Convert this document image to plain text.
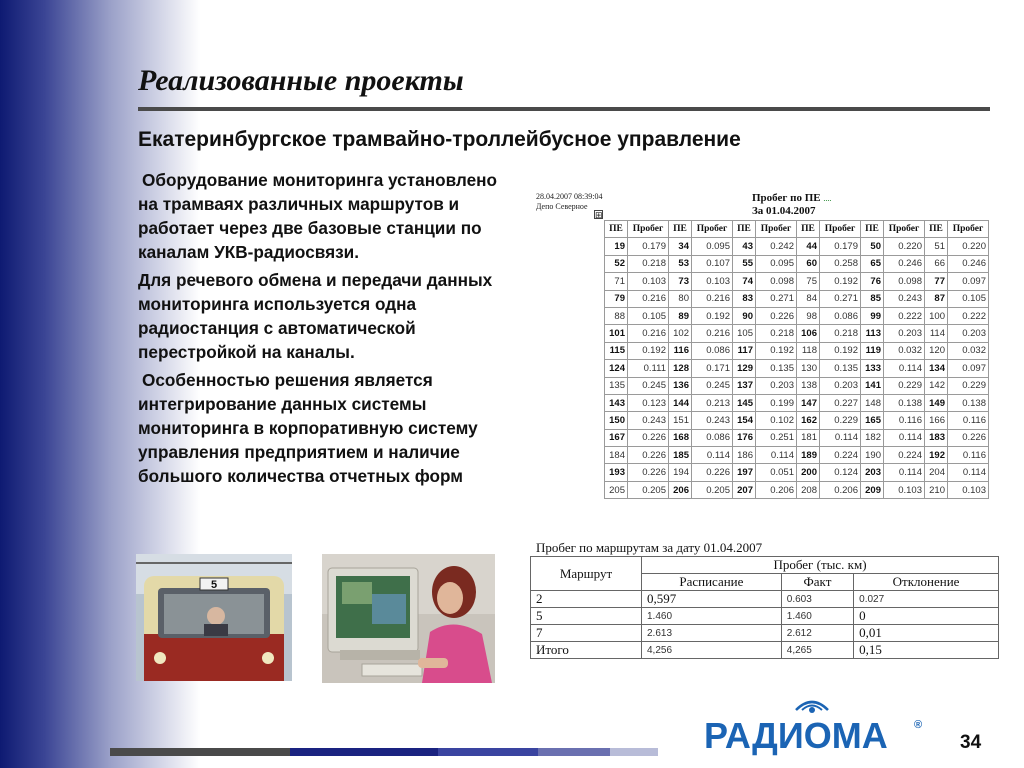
Реализованные проекты
Екатеринбургское трамвайно-троллейбусное управление

Оборудование мониторинга установлено на трамваях различных маршрутов и работает через две базовые станции по каналам УКВ-радиосвязи.

Для речевого обмена и передачи данных мониторинга используется одна радиостанция с автоматической перестройкой на каналы.

Особенностью решения является интегрирование данных системы мониторинга в корпоративную систему управления предприятием и наличие большого количества отчетных форм

28.04.2007 08:39:04
Депо Северное
⊞
Пробег по ПЕ ....
За 01.04.2007
ПЕ	Пробег	ПЕ	Пробег	ПЕ	Пробег	ПЕ	Пробег	ПЕ	Пробег	ПЕ	Пробег
19	0.179	34	0.095	43	0.242	44	0.179	50	0.220	51	0.220
52	0.218	53	0.107	55	0.095	60	0.258	65	0.246	66	0.246
71	0.103	73	0.103	74	0.098	75	0.192	76	0.098	77	0.097
79	0.216	80	0.216	83	0.271	84	0.271	85	0.243	87	0.105
88	0.105	89	0.192	90	0.226	98	0.086	99	0.222	100	0.222
101	0.216	102	0.216	105	0.218	106	0.218	113	0.203	114	0.203
115	0.192	116	0.086	117	0.192	118	0.192	119	0.032	120	0.032
124	0.111	128	0.171	129	0.135	130	0.135	133	0.114	134	0.097
135	0.245	136	0.245	137	0.203	138	0.203	141	0.229	142	0.229
143	0.123	144	0.213	145	0.199	147	0.227	148	0.138	149	0.138
150	0.243	151	0.243	154	0.102	162	0.229	165	0.116	166	0.116
167	0.226	168	0.086	176	0.251	181	0.114	182	0.114	183	0.226
184	0.226	185	0.114	186	0.114	189	0.224	190	0.224	192	0.116
193	0.226	194	0.226	197	0.051	200	0.124	203	0.114	204	0.114
205	0.205	206	0.205	207	0.206	208	0.206	209	0.103	210	0.103
Пробег по маршрутам за дату 01.04.2007
Маршрут	Пробег (тыс. км)		
	Расписание	Факт	Отклонение
2	0,597	0.603	0.027
5	1.460	1.460	0
7	2.613	2.612	0,01
Итого	4,256	4,265	0,15
5
РАДИОМА ®
34
